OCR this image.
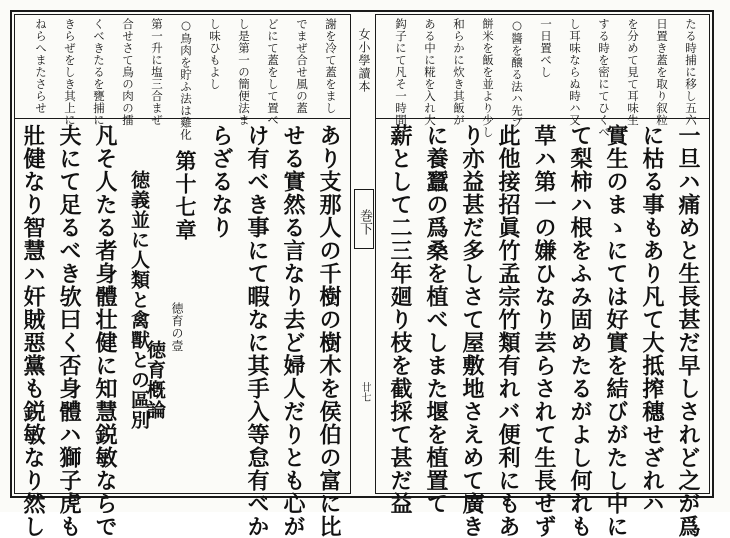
女小學讀本
巻下
廿七
たる時捕に移し五六
日置き蓋を取り叙粒
を分めて見て耳味生
する時を密にてひくべ
し耳味ならぬ時ハ又
一日置べし
○醬を醸る法ハ先ブ
餅米を飯を並より少し
和らかに炊き其飯が
ある中に糀を入れ大
鈎子にて凡そ一時間
一旦ハ痛めと生長甚だ早しされど之が爲
に枯る事もあり凡て大抵搾穗せざれハ
實生のまゝにては好實を結びがたし中に
て梨柿ハ根をふみ固めたるがよし何れも
草ハ第一の嫌ひなり芸らされて生長せず
此他接招眞竹孟宗竹類有れバ便利にもあ
り亦益甚だ多しさて屋敷地さえめて廣き
に養蠶の爲桑を植べしまた堰を植置て
薪として二三年廻り枝を截採て甚だ益
謝を冷て蓋をまし
でまぜ合せ風の蓋
どにて蓋をして置べ
し是第一の簡便法ま
し味ひもよし
○鳥肉を貯ふ法は雞化
第一升に塩三合まぜ
合せさて鳥の肉の擂
くべきたるを甕捕に
きらぜをしき其上に
ねらへまたさらせ
あり支那人の千樹の樹木を侯伯の富に比
せる實然る言なり去ど婦人だりとも心が
け有べき事にて暇なに其手入等怠有べか
らざるなり
第十七章
徳育の壹
徳育槪論
徳義並に人類と禽獸との區別
凡そ人たる者身體壮健に知慧鋭敏ならで
夫にて足るべき欤曰く否身體ハ獅子虎も
壯健なり智慧ハ奸賊惡黨も鋭敏なり然し
